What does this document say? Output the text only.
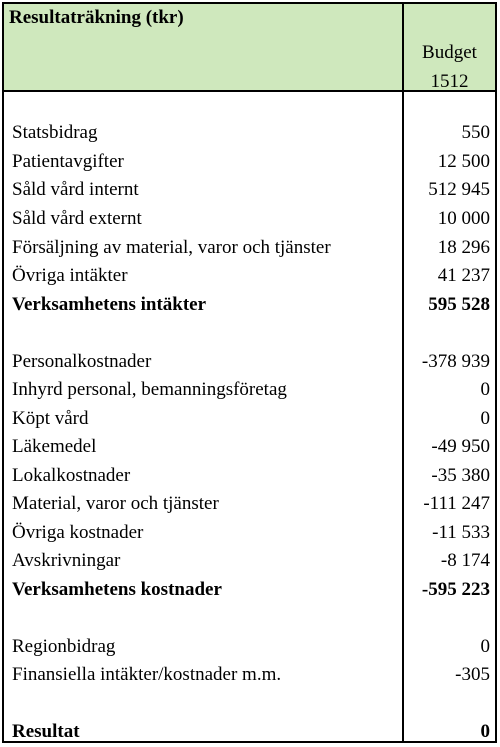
Resultaträkning (tkr)
Budget
1512
Statsbidrag	550
Patientavgifter	12 500
Såld vård internt	512 945
Såld vård externt	10 000
Försäljning av material, varor och tjänster	18 296
Övriga intäkter	41 237
Verksamhetens intäkter	595 528
Personalkostnader	-378 939
Inhyrd personal, bemanningsföretag	0
Köpt vård	0
Läkemedel	-49 950
Lokalkostnader	-35 380
Material, varor och tjänster	-111 247
Övriga kostnader	-11 533
Avskrivningar	-8 174
Verksamhetens kostnader	-595 223
Regionbidrag	0
Finansiella intäkter/kostnader m.m.	-305
Resultat	0
